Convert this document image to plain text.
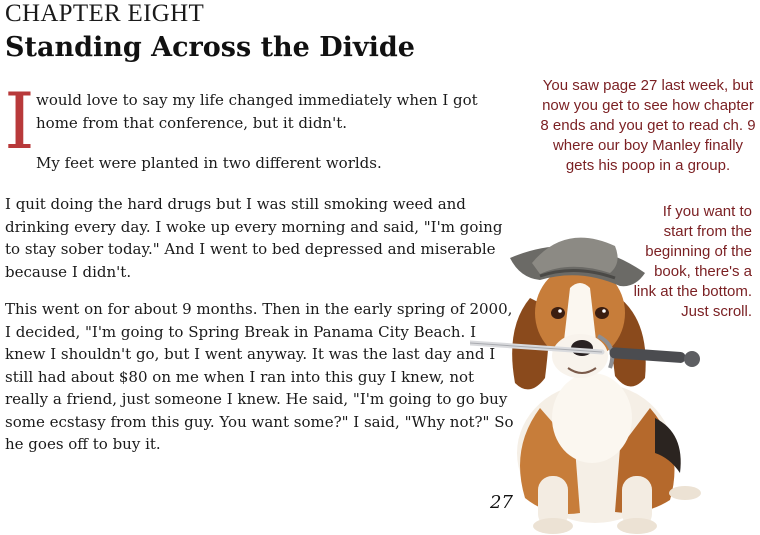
CHAPTER EIGHT
Standing Across the Divide
I would love to say my life changed immediately when I got home from that conference, but it didn't.

My feet were planted in two different worlds.

I quit doing the hard drugs but I was still smoking weed and drinking every day. I woke up every morning and said, "I'm going to stay sober today." And I went to bed depressed and miserable because I didn't.

This went on for about 9 months. Then in the early spring of 2000, I decided, "I'm going to Spring Break in Panama City Beach. I knew I shouldn't go, but I went anyway. It was the last day and I still had about $80 on me when I ran into this guy I knew, not really a friend, just someone I knew. He said, "I'm going to go buy some ecstasy from this guy. You want some?" I said, "Why not?" So he goes off to buy it.

27

You saw page 27 last week, but now you get to see how chapter 8 ends and you get to read ch. 9 where our boy Manley finally gets his poop in a group.

If you want to start from the beginning of the book, there's a link at the bottom. Just scroll.
